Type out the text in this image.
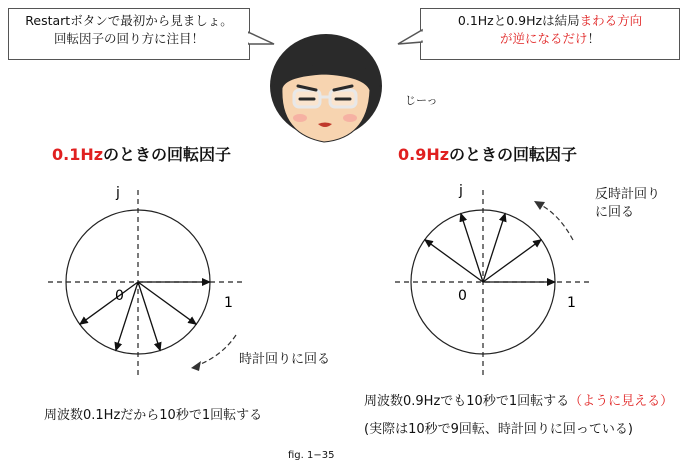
Restartボタンで最初から見ましょ。
回転因子の回り方に注目！
0.1Hzと0.9Hzは結局まわる方向
が逆になるだけ！
じーっ
0.1Hzのときの回転因子	0.9Hzのときの回転因子
j
0	1
時計回りに回る
j
0	1
反時計回り
に回る
周波数0.1Hzだから10秒で1回転する
周波数0.9Hzでも10秒で1回転する（ように見える）
(実際は10秒で9回転、時計回りに回っている)
fig. 1−35
